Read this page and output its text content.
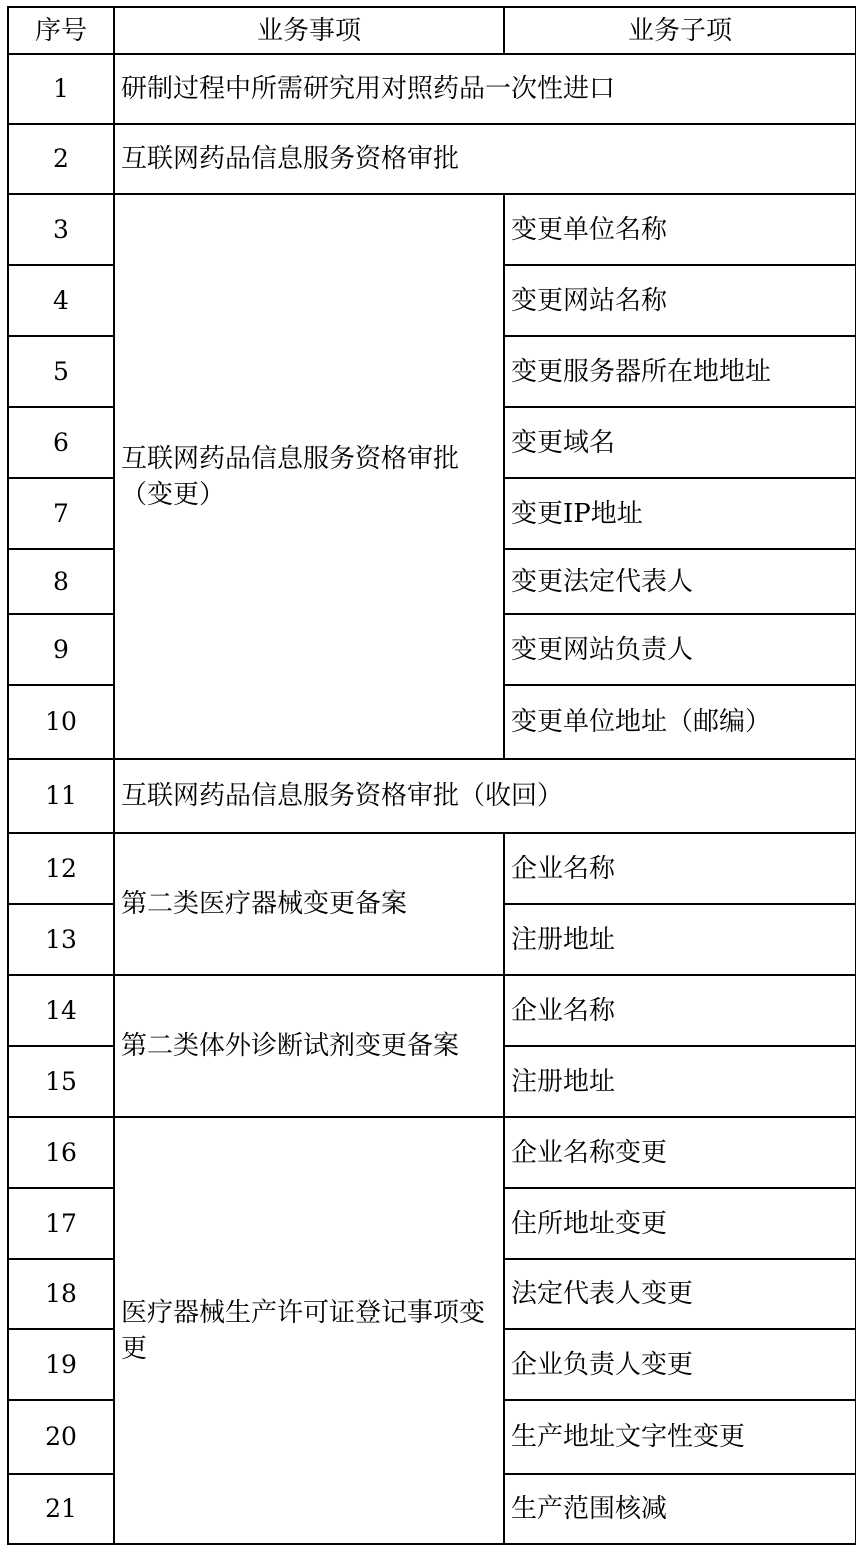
序号	业务事项	业务子项
1	研制过程中所需研究用对照药品一次性进口	
2	互联网药品信息服务资格审批	
3	互联网药品信息服务资格审批（变更）	变更单位名称
4		变更网站名称
5		变更服务器所在地地址
6		变更域名
7		变更IP地址
8		变更法定代表人
9		变更网站负责人
10		变更单位地址（邮编）
11	互联网药品信息服务资格审批（收回）	
12	第二类医疗器械变更备案	企业名称
13		注册地址
14	第二类体外诊断试剂变更备案	企业名称
15		注册地址
16	医疗器械生产许可证登记事项变更	企业名称变更
17		住所地址变更
18		法定代表人变更
19		企业负责人变更
20		生产地址文字性变更
21		生产范围核减
